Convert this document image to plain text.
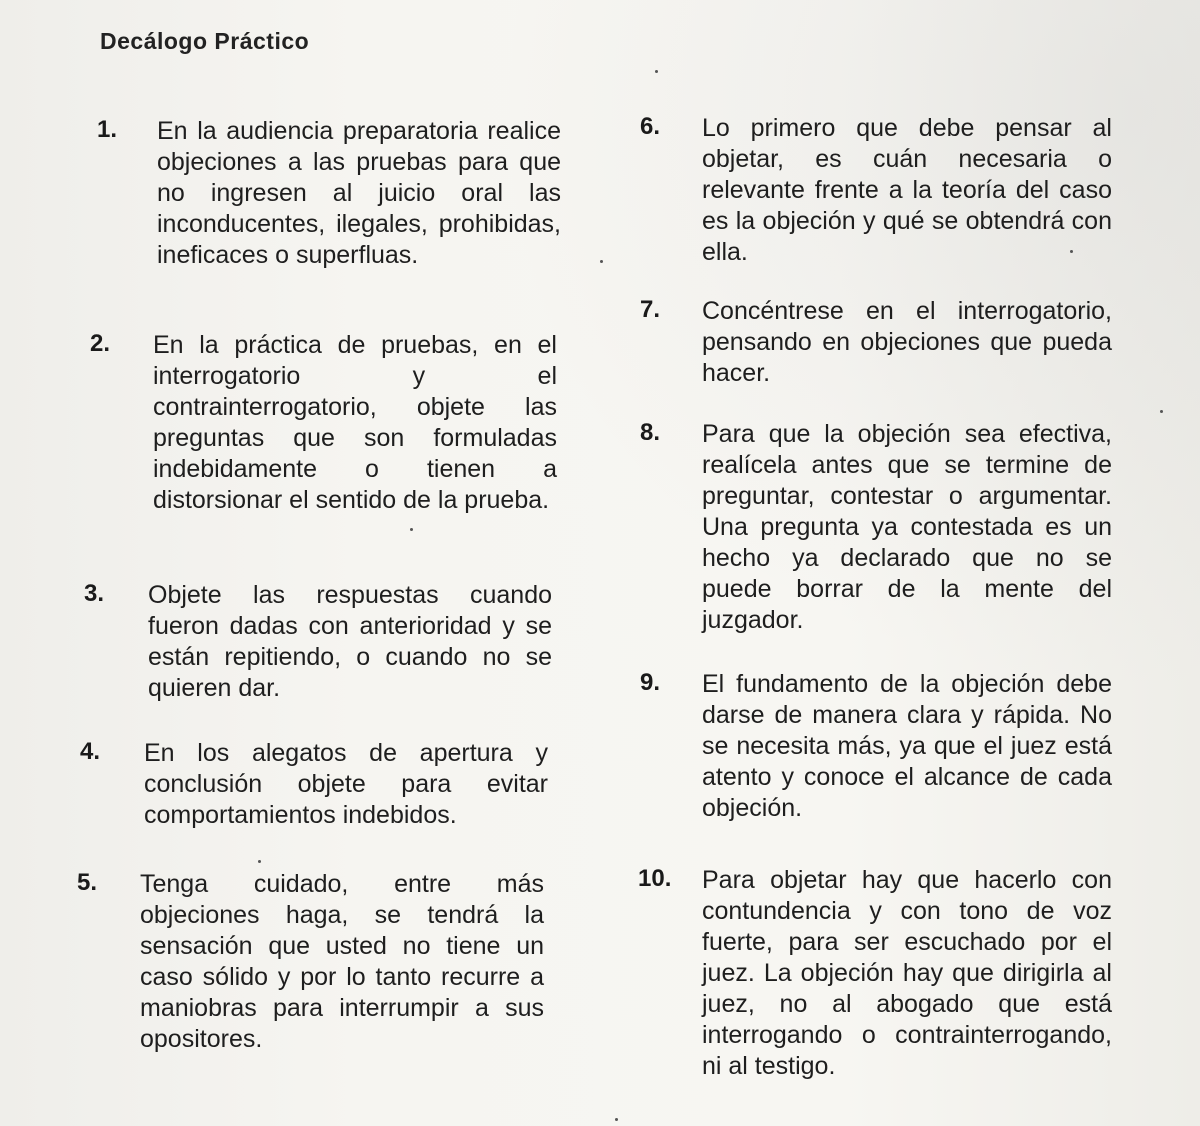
Decálogo Práctico
1. En la audiencia preparatoria realice objeciones a las pruebas para que no ingresen al juicio oral las inconducentes, ilegales, prohibidas, ineficaces o superfluas.
2. En la práctica de pruebas, en el interrogatorio y el contrainterrogatorio, objete las preguntas que son formuladas indebidamente o tienen a distorsionar el sentido de la prueba.
3. Objete las respuestas cuando fueron dadas con anterioridad y se están repitiendo, o cuando no se quieren dar.
4. En los alegatos de apertura y conclusión objete para evitar comportamientos indebidos.
5. Tenga cuidado, entre más objeciones haga, se tendrá la sensación que usted no tiene un caso sólido y por lo tanto recurre a maniobras para interrumpir a sus opositores.
6. Lo primero que debe pensar al objetar, es cuán necesaria o relevante frente a la teoría del caso es la objeción y qué se obtendrá con ella.
7. Concéntrese en el interrogatorio, pensando en objeciones que pueda hacer.
8. Para que la objeción sea efectiva, realícela antes que se termine de preguntar, contestar o argumentar. Una pregunta ya contestada es un hecho ya declarado que no se puede borrar de la mente del juzgador.
9. El fundamento de la objeción debe darse de manera clara y rápida. No se necesita más, ya que el juez está atento y conoce el alcance de cada objeción.
10. Para objetar hay que hacerlo con contundencia y con tono de voz fuerte, para ser escuchado por el juez. La objeción hay que dirigirla al juez, no al abogado que está interrogando o contrainterrogando, ni al testigo.
